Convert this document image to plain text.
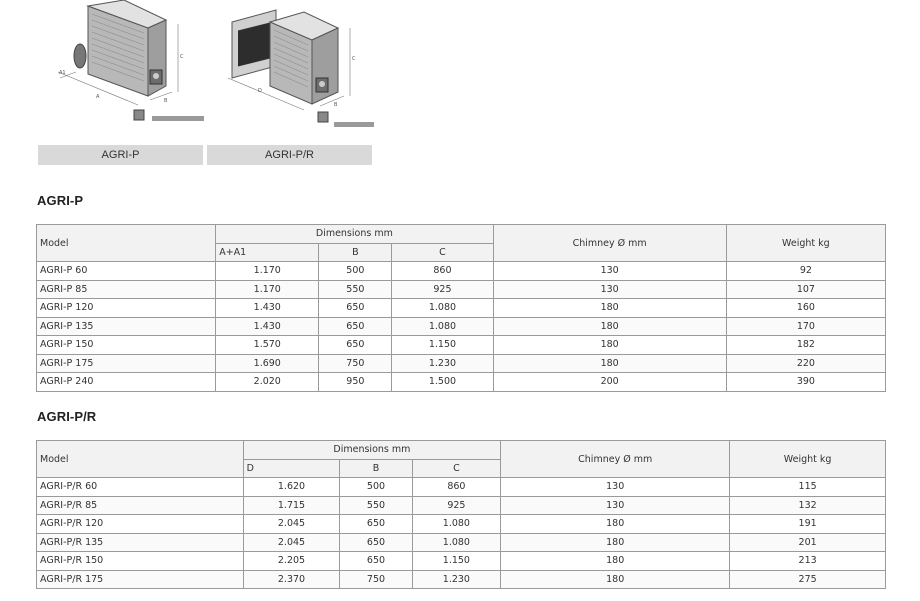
A
A1
C
B
D
C
B
AGRI-P	AGRI-P/R
AGRI-P
Model	Dimensions mm			Chimney Ø mm	Weight kg
	A+A1	B	C		
AGRI-P 60	1.170	500	860	130	92
AGRI-P 85	1.170	550	925	130	107
AGRI-P 120	1.430	650	1.080	180	160
AGRI-P 135	1.430	650	1.080	180	170
AGRI-P 150	1.570	650	1.150	180	182
AGRI-P 175	1.690	750	1.230	180	220
AGRI-P 240	2.020	950	1.500	200	390
AGRI-P/R
Model	Dimensions mm			Chimney Ø mm	Weight kg
	D	B	C		
AGRI-P/R 60	1.620	500	860	130	115
AGRI-P/R 85	1.715	550	925	130	132
AGRI-P/R 120	2.045	650	1.080	180	191
AGRI-P/R 135	2.045	650	1.080	180	201
AGRI-P/R 150	2.205	650	1.150	180	213
AGRI-P/R 175	2.370	750	1.230	180	275
